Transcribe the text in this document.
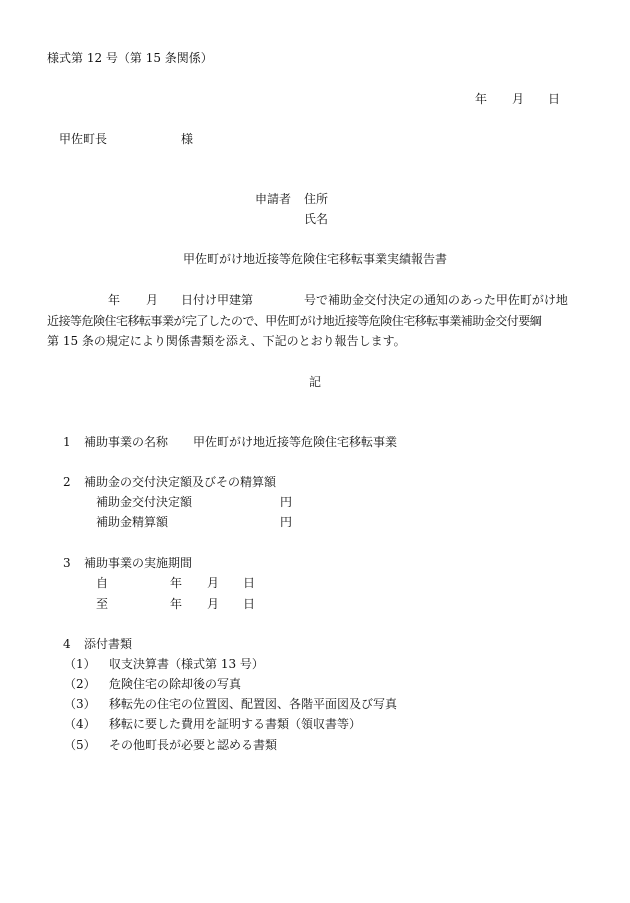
様式第 12 号（第 15 条関係）
年 月 日
甲佐町長	様
申請者 住所
氏名
甲佐町がけ地近接等危険住宅移転事業実績報告書
年 月 日付け甲建第	号で補助金交付決定の通知のあった甲佐町がけ地
近接等危険住宅移転事業が完了したので、甲佐町がけ地近接等危険住宅移転事業補助金交付要綱
第 15 条の規定により関係書類を添え、下記のとおり報告します。
記
1 補助事業の名称 甲佐町がけ地近接等危険住宅移転事業
2 補助金の交付決定額及びその精算額
補助金交付決定額	円
補助金精算額	円
3 補助事業の実施期間
自	年 月 日
至	年 月 日
4 添付書類
（1） 収支決算書（様式第 13 号）
（2） 危険住宅の除却後の写真
（3） 移転先の住宅の位置図、配置図、各階平面図及び写真
（4） 移転に要した費用を証明する書類（領収書等）
（5） その他町長が必要と認める書類
